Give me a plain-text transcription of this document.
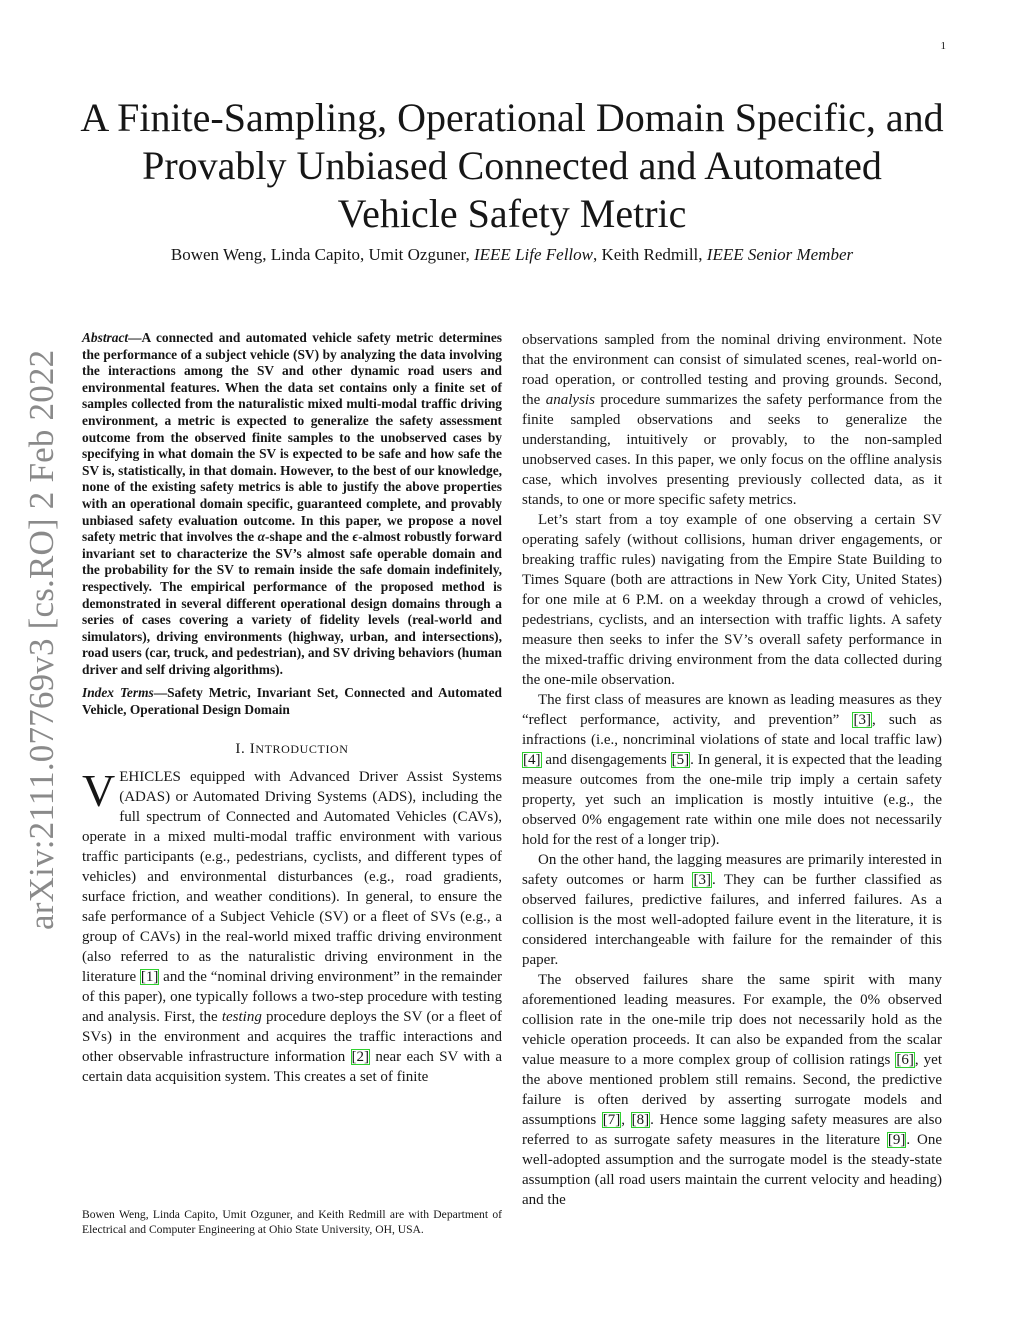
1
arXiv:2111.07769v3 [cs.RO] 2 Feb 2022
A Finite-Sampling, Operational Domain Specific, and Provably Unbiased Connected and Automated Vehicle Safety Metric
Bowen Weng, Linda Capito, Umit Ozguner, IEEE Life Fellow, Keith Redmill, IEEE Senior Member

Abstract—A connected and automated vehicle safety metric determines the performance of a subject vehicle (SV) by analyzing the data involving the interactions among the SV and other dynamic road users and environmental features. When the data set contains only a finite set of samples collected from the naturalistic mixed multi-modal traffic driving environment, a metric is expected to generalize the safety assessment outcome from the observed finite samples to the unobserved cases by specifying in what domain the SV is expected to be safe and how safe the SV is, statistically, in that domain. However, to the best of our knowledge, none of the existing safety metrics is able to justify the above properties with an operational domain specific, guaranteed complete, and provably unbiased safety evaluation outcome. In this paper, we propose a novel safety metric that involves the α-shape and the ϵ-almost robustly forward invariant set to characterize the SV’s almost safe operable domain and the probability for the SV to remain inside the safe domain indefinitely, respectively. The empirical performance of the proposed method is demonstrated in several different operational design domains through a series of cases covering a variety of fidelity levels (real-world and simulators), driving environments (highway, urban, and intersections), road users (car, truck, and pedestrian), and SV driving behaviors (human driver and self driving algorithms).

Index Terms—Safety Metric, Invariant Set, Connected and Automated Vehicle, Operational Design Domain

I. INTRODUCTION

VEHICLES equipped with Advanced Driver Assist Systems (ADAS) or Automated Driving Systems (ADS), including the full spectrum of Connected and Automated Vehicles (CAVs), operate in a mixed multi-modal traffic environment with various traffic participants (e.g., pedestrians, cyclists, and different types of vehicles) and environmental disturbances (e.g., road gradients, surface friction, and weather conditions). In general, to ensure the safe performance of a Subject Vehicle (SV) or a fleet of SVs (e.g., a group of CAVs) in the real-world mixed traffic driving environment (also referred to as the naturalistic driving environment in the literature [1] and the “nominal driving environment” in the remainder of this paper), one typically follows a two-step procedure with testing and analysis. First, the testing procedure deploys the SV (or a fleet of SVs) in the environment and acquires the traffic interactions and other observable infrastructure information [2] near each SV with a certain data acquisition system. This creates a set of finite

Bowen Weng, Linda Capito, Umit Ozguner, and Keith Redmill are with Department of Electrical and Computer Engineering at Ohio State University, OH, USA.

observations sampled from the nominal driving environment. Note that the environment can consist of simulated scenes, real-world on-road operation, or controlled testing and proving grounds. Second, the analysis procedure summarizes the safety performance from the finite sampled observations and seeks to generalize the understanding, intuitively or provably, to the non-sampled unobserved cases. In this paper, we only focus on the offline analysis case, which involves presenting previously collected data, as it stands, to one or more specific safety metrics.

Let’s start from a toy example of one observing a certain SV operating safely (without collisions, human driver engagements, or breaking traffic rules) navigating from the Empire State Building to Times Square (both are attractions in New York City, United States) for one mile at 6 P.M. on a weekday through a crowd of vehicles, pedestrians, cyclists, and an intersection with traffic lights. A safety measure then seeks to infer the SV’s overall safety performance in the mixed-traffic driving environment from the data collected during the one-mile observation.

The first class of measures are known as leading measures as they “reflect performance, activity, and prevention” [3], such as infractions (i.e., noncriminal violations of state and local traffic law) [4] and disengagements [5]. In general, it is expected that the leading measure outcomes from the one-mile trip imply a certain safety property, yet such an implication is mostly intuitive (e.g., the observed 0% engagement rate within one mile does not necessarily hold for the rest of a longer trip).

On the other hand, the lagging measures are primarily interested in safety outcomes or harm [3]. They can be further classified as observed failures, predictive failures, and inferred failures. As a collision is the most well-adopted failure event in the literature, it is considered interchangeable with failure for the remainder of this paper.

The observed failures share the same spirit with many aforementioned leading measures. For example, the 0% observed collision rate in the one-mile trip does not necessarily hold as the vehicle operation proceeds. It can also be expanded from the scalar value measure to a more complex group of collision ratings [6], yet the above mentioned problem still remains. Second, the predictive failure is often derived by asserting surrogate models and assumptions [7], [8]. Hence some lagging safety measures are also referred to as surrogate safety measures in the literature [9]. One well-adopted assumption and the surrogate model is the steady-state assumption (all road users maintain the current velocity and heading) and the
